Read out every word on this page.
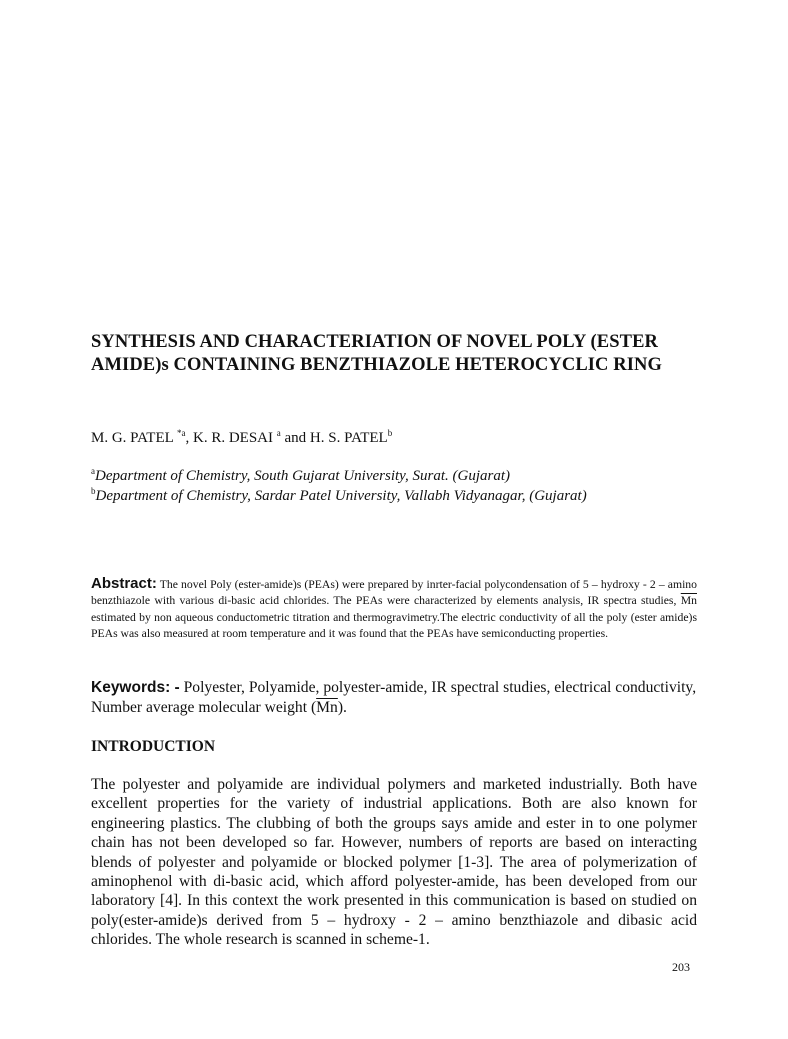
SYNTHESIS AND CHARACTERIATION OF NOVEL POLY (ESTER AMIDE)s CONTAINING BENZTHIAZOLE HETEROCYCLIC RING
M. G. PATEL $^{*a}$, K. R. DESAI $^a$ and H. S. PATEL$^b$
$^a$Department of Chemistry, South Gujarat University, Surat. (Gujarat)
$^b$Department of Chemistry, Sardar Patel University, Vallabh Vidyanagar, (Gujarat)
Abstract: The novel Poly (ester-amide)s (PEAs) were prepared by inrter-facial polycondensation of 5 – hydroxy - 2 – amino benzthiazole with various di-basic acid chlorides. The PEAs were characterized by elements analysis, IR spectra studies, $\overline{Mn}$ estimated by non aqueous conductometric titration and thermogravimetry.The electric conductivity of all the poly (ester amide)s PEAs was also measured at room temperature and it was found that the PEAs have semiconducting properties.
Keywords: - Polyester, Polyamide, polyester-amide, IR spectral studies, electrical conductivity, Number average molecular weight $(\overline{Mn})$.
INTRODUCTION
The polyester and polyamide are individual polymers and marketed industrially. Both have excellent properties for the variety of industrial applications. Both are also known for engineering plastics. The clubbing of both the groups says amide and ester in to one polymer chain has not been developed so far. However, numbers of reports are based on interacting blends of polyester and polyamide or blocked polymer [1-3]. The area of polymerization of aminophenol with di-basic acid, which afford polyester-amide, has been developed from our laboratory [4]. In this context the work presented in this communication is based on studied on poly(ester-amide)s derived from 5 – hydroxy - 2 – amino benzthiazole and dibasic acid chlorides. The whole research is scanned in scheme-1.
203
